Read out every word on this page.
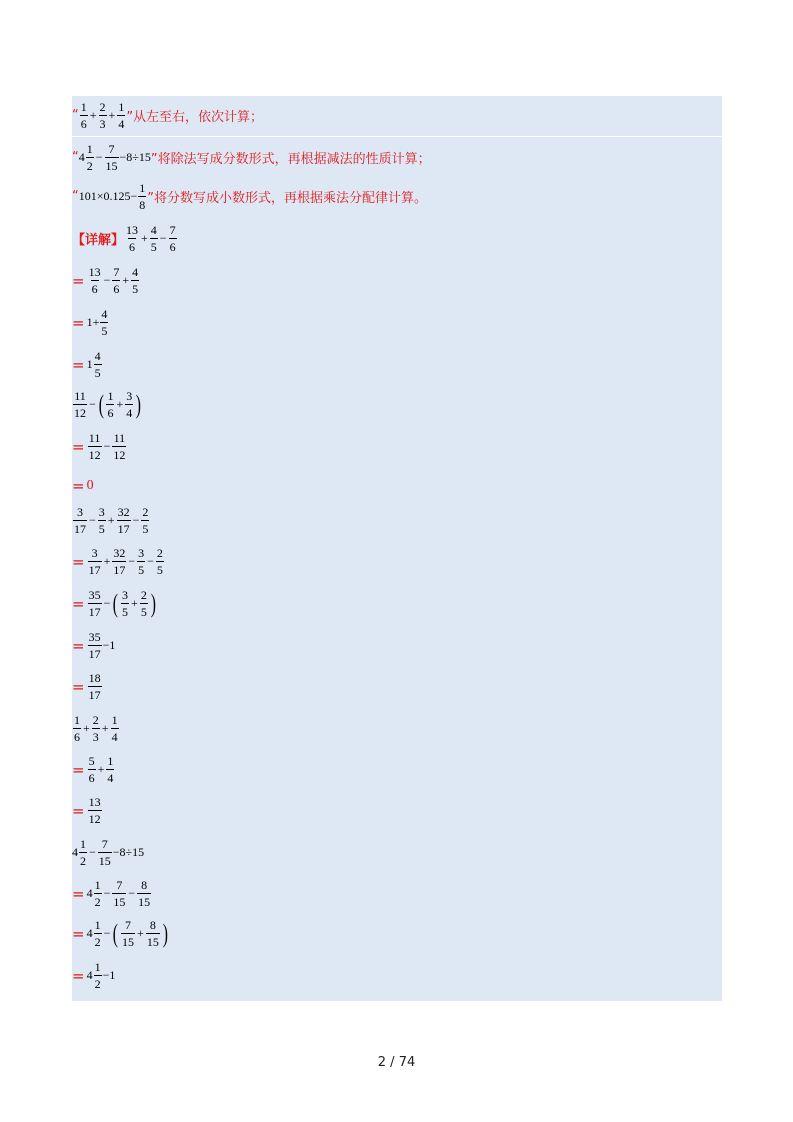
“ $\frac{1}{6} + \frac{2}{3} + \frac{1}{4}$ ”从左至右，依次计算；
“ $4 \frac{1}{2} - \frac{7}{15} -8\div 15$ ”将除法写成分数形式，再根据减法的性质计算；
“ $101\times 0.125- \frac{1}{8}$ ”将分数写成小数形式，再根据乘法分配律计算。
【详解】 $\frac{13}{6} + \frac{4}{5} - \frac{7}{6}$
= $\frac{13}{6} - \frac{7}{6} + \frac{4}{5}$
= $1+ \frac{4}{5}$
= $1 \frac{4}{5}$
$\frac{11}{12}$ − ( $\frac{1}{6} + \frac{3}{4}$ )
= $\frac{11}{12} - \frac{11}{12}$
= 0
$\frac{3}{17} - \frac{3}{5} + \frac{32}{17} - \frac{2}{5}$
= $\frac{3}{17} + \frac{32}{17} - \frac{3}{5} - \frac{2}{5}$
= $\frac{35}{17}$ − ( $\frac{3}{5} + \frac{2}{5}$ )
= $\frac{35}{17} -1$
= $\frac{18}{17}$
$\frac{1}{6} + \frac{2}{3} + \frac{1}{4}$
= $\frac{5}{6} + \frac{1}{4}$
= $\frac{13}{12}$
$4 \frac{1}{2} - \frac{7}{15} -8\div 15$
= $4 \frac{1}{2} - \frac{7}{15} - \frac{8}{15}$
= $4 \frac{1}{2}$ − ( $\frac{7}{15} + \frac{8}{15}$ )
= $4 \frac{1}{2} -1$
2 / 74
